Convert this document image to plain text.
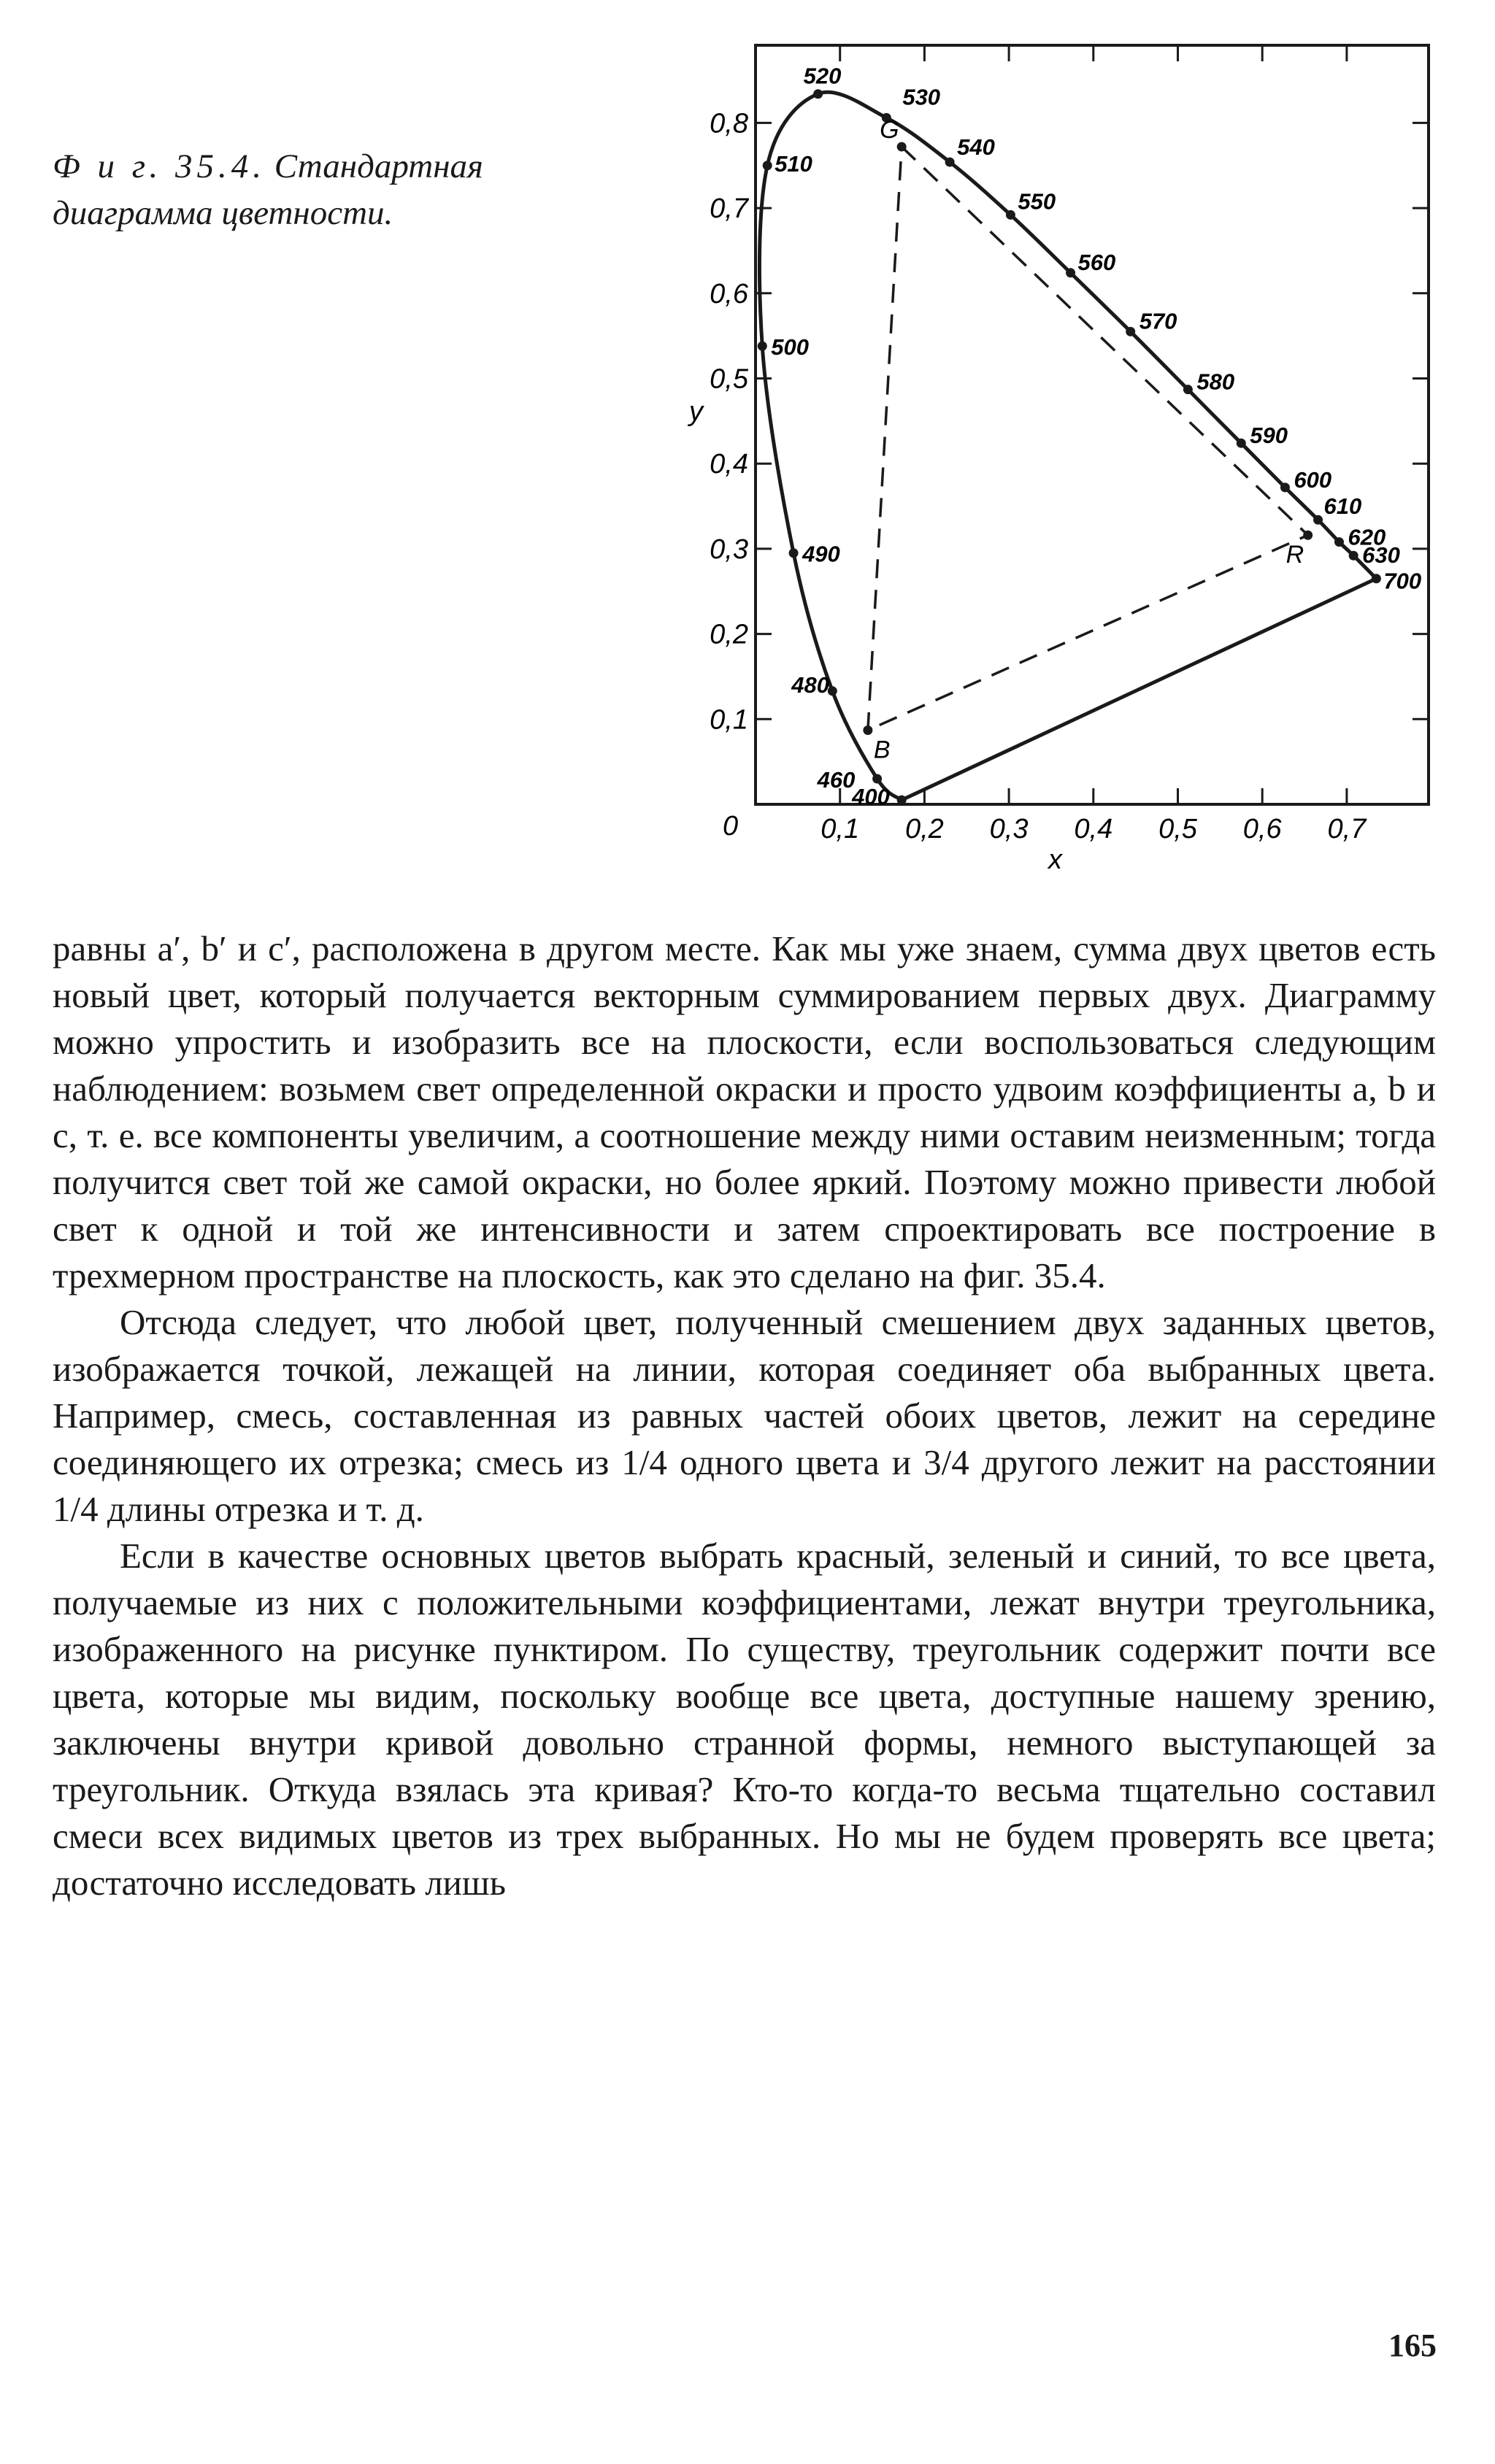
Ф и г. 35.4. Стандартная диаграмма цветности.
0,1
0,2
0,3
0,4
0,5
0,6
0,7
0,8
0,1 0,2 0,3 0,4 0,5 0,6 0,7
400
460
480
490
500
510
520
530
540
550
560
570
580
590
600
610
620
630
700
G
R
B
0
x
y

равны a′, b′ и c′, расположена в другом месте. Как мы уже знаем, сумма двух цветов есть новый цвет, который получается векторным суммированием первых двух. Диаграмму можно упростить и изобразить все на плоскости, если воспользоваться следующим наблюдением: возьмем свет определенной окраски и просто удвоим коэффициенты a, b и c, т. е. все компоненты увеличим, а соотношение между ними оставим неизменным; тогда получится свет той же самой окраски, но более яркий. Поэтому можно привести любой свет к одной и той же интенсивности и затем спроектировать все построение в трехмерном пространстве на плоскость, как это сделано на фиг. 35.4.

Отсюда следует, что любой цвет, полученный смешением двух заданных цветов, изображается точкой, лежащей на линии, которая соединяет оба выбранных цвета. Например, смесь, составленная из равных частей обоих цветов, лежит на середине соединяющего их отрезка; смесь из 1/4 одного цвета и 3/4 другого лежит на расстоянии 1/4 длины отрезка и т. д.

Если в качестве основных цветов выбрать красный, зеленый и синий, то все цвета, получаемые из них с положительными коэффициентами, лежат внутри треугольника, изображенного на рисунке пунктиром. По существу, треугольник содержит почти все цвета, которые мы видим, поскольку вообще все цвета, доступные нашему зрению, заключены внутри кривой довольно странной формы, немного выступающей за треугольник. Откуда взялась эта кривая? Кто-то когда-то весьма тщательно составил смеси всех видимых цветов из трех выбранных. Но мы не будем проверять все цвета; достаточно исследовать лишь

165
